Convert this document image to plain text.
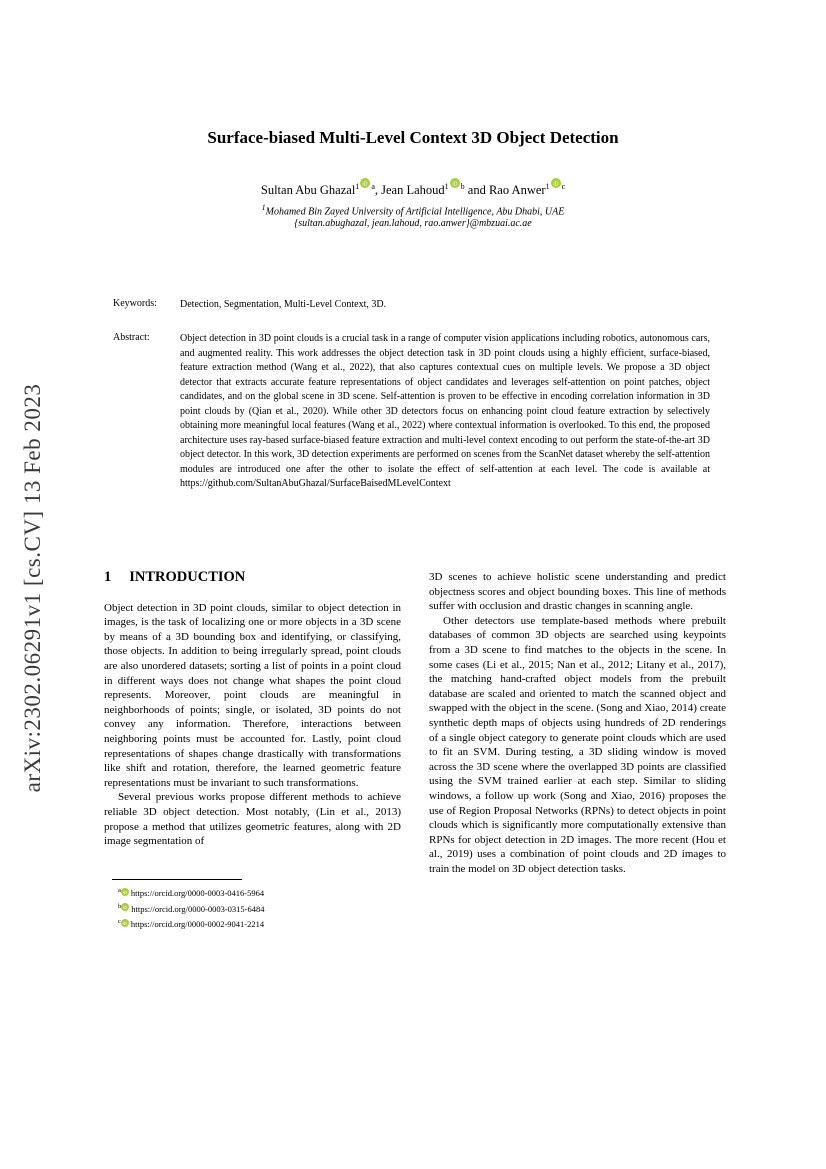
arXiv:2302.06291v1 [cs.CV] 13 Feb 2023
Surface-biased Multi-Level Context 3D Object Detection
Sultan Abu Ghazal$^1$ $^{iD}$ $^a$, Jean Lahoud$^1$ $^{iD}$ $^b$ and Rao Anwer$^1$ $^{iD}$ $^c$
$^1$Mohamed Bin Zayed University of Artificial Intelligence, Abu Dhabi, UAE
{sultan.abughazal, jean.lahoud, rao.anwer}@mbzuai.ac.ae
Keywords:	Detection, Segmentation, Multi-Level Context, 3D.
Abstract:	Object detection in 3D point clouds is a crucial task in a range of computer vision applications including robotics, autonomous cars, and augmented reality. This work addresses the object detection task in 3D point clouds using a highly efficient, surface-biased, feature extraction method (Wang et al., 2022), that also captures contextual cues on multiple levels. We propose a 3D object detector that extracts accurate feature representations of object candidates and leverages self-attention on point patches, object candidates, and on the global scene in 3D scene. Self-attention is proven to be effective in encoding correlation information in 3D point clouds by (Qian et al., 2020). While other 3D detectors focus on enhancing point cloud feature extraction by selectively obtaining more meaningful local features (Wang et al., 2022) where contextual information is overlooked. To this end, the proposed architecture uses ray-based surface-biased feature extraction and multi-level context encoding to out perform the state-of-the-art 3D object detector. In this work, 3D detection experiments are performed on scenes from the ScanNet dataset whereby the self-attention modules are introduced one after the other to isolate the effect of self-attention at each level. The code is available at https://github.com/SultanAbuGhazal/SurfaceBaisedMLevelContext
1 INTRODUCTION

Object detection in 3D point clouds, similar to object detection in images, is the task of localizing one or more objects in a 3D scene by means of a 3D bounding box and identifying, or classifying, those objects. In addition to being irregularly spread, point clouds are also unordered datasets; sorting a list of points in a point cloud in different ways does not change what shapes the point cloud represents. Moreover, point clouds are meaningful in neighborhoods of points; single, or isolated, 3D points do not convey any information. Therefore, interactions between neighboring points must be accounted for. Lastly, point cloud representations of shapes change drastically with transformations like shift and rotation, therefore, the learned geometric feature representations must be invariant to such transformations.

Several previous works propose different methods to achieve reliable 3D object detection. Most notably, (Lin et al., 2013) propose a method that utilizes geometric features, along with 2D image segmentation of

$^a$ iD https://orcid.org/0000-0003-0416-5964
$^b$ iD https://orcid.org/0000-0003-0315-6484
$^c$ iD https://orcid.org/0000-0002-9041-2214

3D scenes to achieve holistic scene understanding and predict objectness scores and object bounding boxes. This line of methods suffer with occlusion and drastic changes in scanning angle.

Other detectors use template-based methods where prebuilt databases of common 3D objects are searched using keypoints from a 3D scene to find matches to the objects in the scene. In some cases (Li et al., 2015; Nan et al., 2012; Litany et al., 2017), the matching hand-crafted object models from the prebuilt database are scaled and oriented to match the scanned object and swapped with the object in the scene. (Song and Xiao, 2014) create synthetic depth maps of objects using hundreds of 2D renderings of a single object category to generate point clouds which are used to fit an SVM. During testing, a 3D sliding window is moved across the 3D scene where the overlapped 3D points are classified using the SVM trained earlier at each step. Similar to sliding windows, a follow up work (Song and Xiao, 2016) proposes the use of Region Proposal Networks (RPNs) to detect objects in point clouds which is significantly more computationally extensive than RPNs for object detection in 2D images. The more recent (Hou et al., 2019) uses a combination of point clouds and 2D images to train the model on 3D object detection tasks.
